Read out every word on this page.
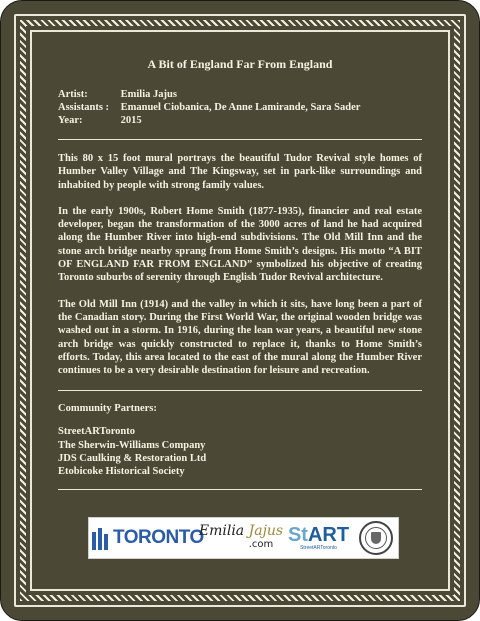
A Bit of England Far From England
Artist:	Emilia Jajus
Assistants : Emanuel Ciobanica, De Anne Lamirande, Sara Sader
Year:	2015

This 80 x 15 foot mural portrays the beautiful Tudor Revival style homes of Humber Valley Village and The Kingsway, set in park-like surroundings and inhabited by people with strong family values.

In the early 1900s, Robert Home Smith (1877-1935), financier and real estate developer, began the transformation of the 3000 acres of land he had acquired along the Humber River into high-end subdivisions. The Old Mill Inn and the stone arch bridge nearby sprang from Home Smith’s designs. His motto “A BIT OF ENGLAND FAR FROM ENGLAND” symbolized his objective of creating Toronto suburbs of serenity through English Tudor Revival architecture.

The Old Mill Inn (1914) and the valley in which it sits, have long been a part of the Canadian story. During the First World War, the original wooden bridge was washed out in a storm. In 1916, during the lean war years, a beautiful new stone arch bridge was quickly constructed to replace it, thanks to Home Smith’s efforts. Today, this area located to the east of the mural along the Humber River continues to be a very desirable destination for leisure and recreation.

Community Partners:
StreetARToronto
The Sherwin-Williams Company
JDS Caulking & Restoration Ltd
Etobicoke Historical Society
TORONTO
Emilia Jajus
.com StART
StreetARToronto
